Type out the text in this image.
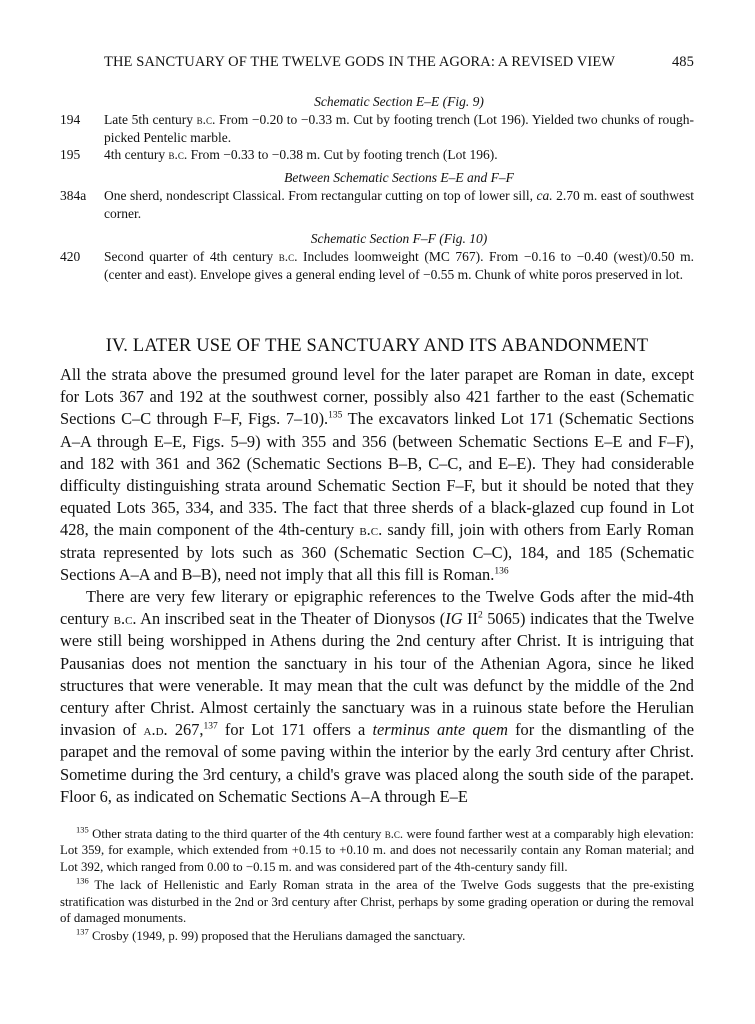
THE SANCTUARY OF THE TWELVE GODS IN THE AGORA: A REVISED VIEW	485
Schematic Section E–E (Fig. 9)
194	Late 5th century b.c. From −0.20 to −0.33 m. Cut by footing trench (Lot 196). Yielded two chunks of rough-picked Pentelic marble.
195	4th century b.c. From −0.33 to −0.38 m. Cut by footing trench (Lot 196).
Between Schematic Sections E–E and F–F
384a	One sherd, nondescript Classical. From rectangular cutting on top of lower sill, ca. 2.70 m. east of southwest corner.
Schematic Section F–F (Fig. 10)
420	Second quarter of 4th century b.c. Includes loomweight (MC 767). From −0.16 to −0.40 (west)/0.50 m. (center and east). Envelope gives a general ending level of −0.55 m. Chunk of white poros preserved in lot.
IV. LATER USE OF THE SANCTUARY AND ITS ABANDONMENT

All the strata above the presumed ground level for the later parapet are Roman in date, except for Lots 367 and 192 at the southwest corner, possibly also 421 farther to the east (Schematic Sections C–C through F–F, Figs. 7–10).$^{135}$ The excavators linked Lot 171 (Schematic Sections A–A through E–E, Figs. 5–9) with 355 and 356 (between Schematic Sections E–E and F–F), and 182 with 361 and 362 (Schematic Sections B–B, C–C, and E–E). They had considerable difficulty distinguishing strata around Schematic Section F–F, but it should be noted that they equated Lots 365, 334, and 335. The fact that three sherds of a black-glazed cup found in Lot 428, the main component of the 4th-century b.c. sandy fill, join with others from Early Roman strata represented by lots such as 360 (Schematic Section C–C), 184, and 185 (Schematic Sections A–A and B–B), need not imply that all this fill is Roman.$^{136}$

There are very few literary or epigraphic references to the Twelve Gods after the mid-4th century b.c. An inscribed seat in the Theater of Dionysos (IG $II^2$ 5065) indicates that the Twelve were still being worshipped in Athens during the 2nd century after Christ. It is intriguing that Pausanias does not mention the sanctuary in his tour of the Athenian Agora, since he liked structures that were venerable. It may mean that the cult was defunct by the middle of the 2nd century after Christ. Almost certainly the sanctuary was in a ruinous state before the Herulian invasion of a.d. 267,$^{137}$ for Lot 171 offers a terminus ante quem for the dismantling of the parapet and the removal of some paving within the interior by the early 3rd century after Christ. Sometime during the 3rd century, a child's grave was placed along the south side of the parapet. Floor 6, as indicated on Schematic Sections A–A through E–E

$^{135}$ Other strata dating to the third quarter of the 4th century b.c. were found farther west at a comparably high elevation: Lot 359, for example, which extended from +0.15 to +0.10 m. and does not necessarily contain any Roman material; and Lot 392, which ranged from 0.00 to −0.15 m. and was considered part of the 4th-century sandy fill.

$^{136}$ The lack of Hellenistic and Early Roman strata in the area of the Twelve Gods suggests that the pre-existing stratification was disturbed in the 2nd or 3rd century after Christ, perhaps by some grading operation or during the removal of damaged monuments.

$^{137}$ Crosby (1949, p. 99) proposed that the Herulians damaged the sanctuary.
